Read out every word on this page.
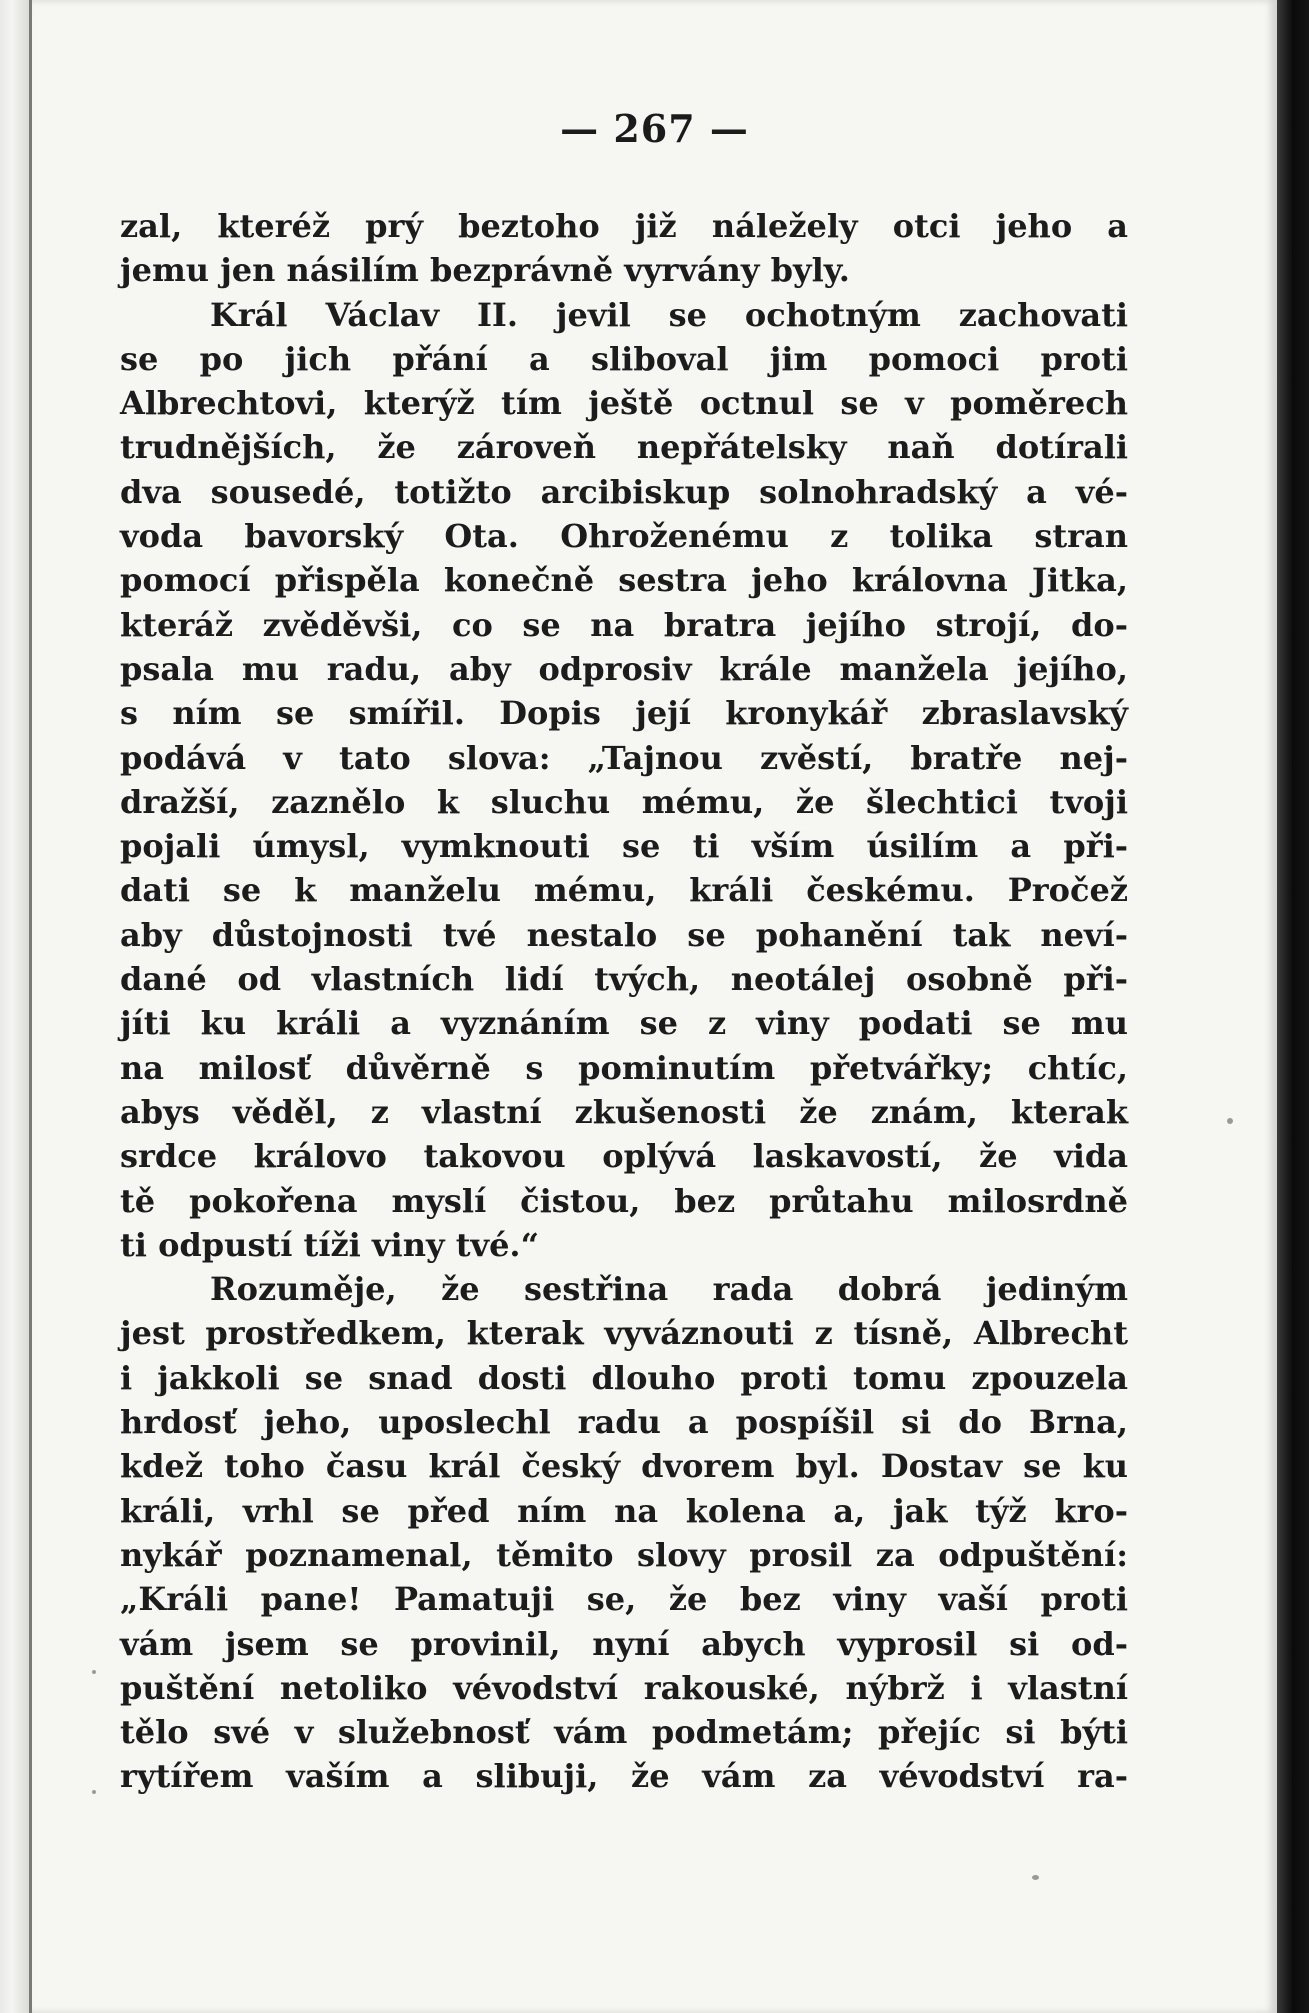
— 267 —
zal, kteréž prý beztoho již náležely otci jeho a
jemu jen násilím bezprávně vyrvány byly.
Král Václav II. jevil se ochotným zachovati
se po jich přání a sliboval jim pomoci proti
Albrechtovi, kterýž tím ještě octnul se v poměrech
trudnějších, že zároveň nepřátelsky naň dotírali
dva sousedé, totižto arcibiskup solnohradský a vé-
voda bavorský Ota. Ohroženému z tolika stran
pomocí přispěla konečně sestra jeho královna Jitka,
kteráž zvěděvši, co se na bratra jejího strojí, do-
psala mu radu, aby odprosiv krále manžela jejího,
s ním se smířil. Dopis její kronykář zbraslavský
podává v tato slova: „Tajnou zvěstí, bratře nej-
dražší, zaznělo k sluchu mému, že šlechtici tvoji
pojali úmysl, vymknouti se ti vším úsilím a při-
dati se k manželu mému, králi českému. Pročež
aby důstojnosti tvé nestalo se pohanění tak neví-
dané od vlastních lidí tvých, neotálej osobně při-
jíti ku králi a vyznáním se z viny podati se mu
na milosť důvěrně s pominutím přetvářky; chtíc,
abys věděl, z vlastní zkušenosti že znám, kterak
srdce královo takovou oplývá laskavostí, že vida
tě pokořena myslí čistou, bez průtahu milosrdně
ti odpustí tíži viny tvé.“
Rozuměje, že sestřina rada dobrá jediným
jest prostředkem, kterak vyváznouti z tísně, Albrecht
i jakkoli se snad dosti dlouho proti tomu zpouzela
hrdosť jeho, uposlechl radu a pospíšil si do Brna,
kdež toho času král český dvorem byl. Dostav se ku
králi, vrhl se před ním na kolena a, jak týž kro-
nykář poznamenal, těmito slovy prosil za odpuštění:
„Králi pane! Pamatuji se, že bez viny vaší proti
vám jsem se provinil, nyní abych vyprosil si od-
puštění netoliko vévodství rakouské, nýbrž i vlastní
tělo své v služebnosť vám podmetám; přejíc si býti
rytířem vaším a slibuji, že vám za vévodství ra-
